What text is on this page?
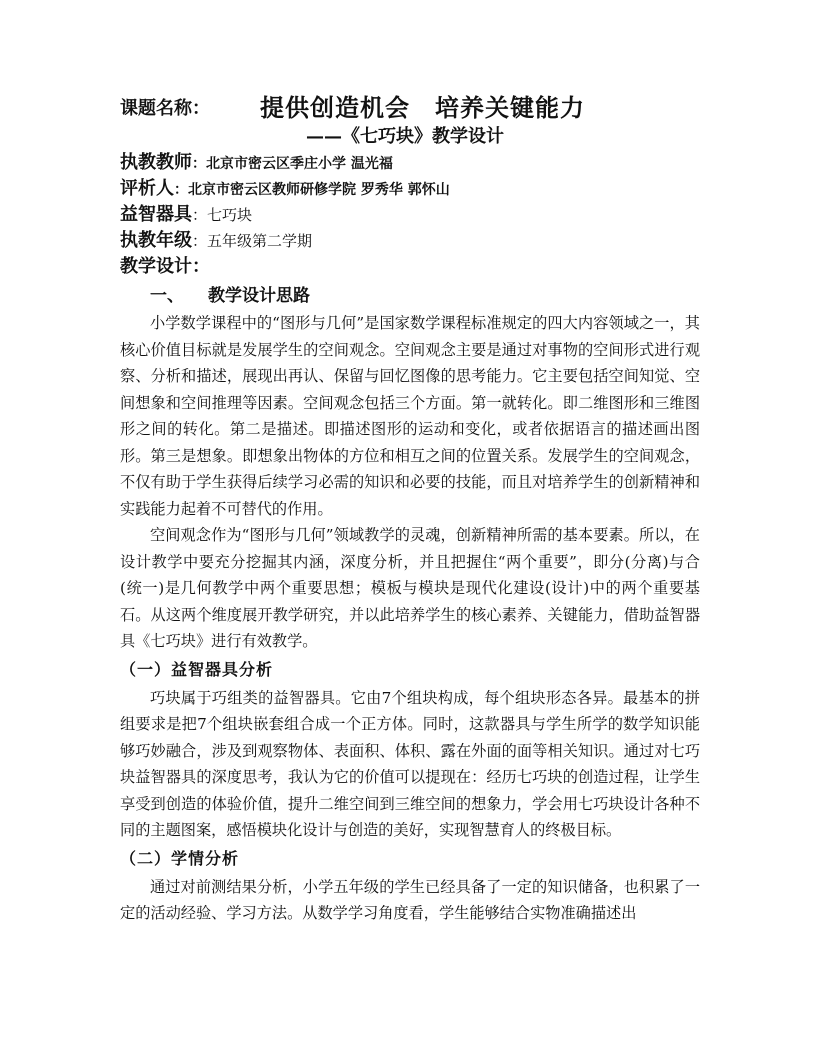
课题名称： 提供创造机会　培养关键能力
——《七巧块》教学设计
执教教师：北京市密云区季庄小学 温光福
评析人：北京市密云区教师研修学院 罗秀华 郭怀山
益智器具：七巧块
执教年级：五年级第二学期
教学设计：
一、 教学设计思路

小学数学课程中的“图形与几何”是国家数学课程标准规定的四大内容领域之一，其核心价值目标就是发展学生的空间观念。空间观念主要是通过对事物的空间形式进行观察、分析和描述，展现出再认、保留与回忆图像的思考能力。它主要包括空间知觉、空间想象和空间推理等因素。空间观念包括三个方面。第一就转化。即二维图形和三维图形之间的转化。第二是描述。即描述图形的运动和变化，或者依据语言的描述画出图形。第三是想象。即想象出物体的方位和相互之间的位置关系。发展学生的空间观念，不仅有助于学生获得后续学习必需的知识和必要的技能，而且对培养学生的创新精神和实践能力起着不可替代的作用。

空间观念作为“图形与几何”领域教学的灵魂，创新精神所需的基本要素。所以，在设计教学中要充分挖掘其内涵，深度分析，并且把握住“两个重要”，即分(分离)与合(统一)是几何教学中两个重要思想；模板与模块是现代化建设(设计)中的两个重要基石。从这两个维度展开教学研究，并以此培养学生的核心素养、关键能力，借助益智器具《七巧块》进行有效教学。

（一）益智器具分析

巧块属于巧组类的益智器具。它由7个组块构成，每个组块形态各异。最基本的拼组要求是把7个组块嵌套组合成一个正方体。同时，这款器具与学生所学的数学知识能够巧妙融合，涉及到观察物体、表面积、体积、露在外面的面等相关知识。通过对七巧块益智器具的深度思考，我认为它的价值可以提现在：经历七巧块的创造过程，让学生享受到创造的体验价值，提升二维空间到三维空间的想象力，学会用七巧块设计各种不同的主题图案，感悟模块化设计与创造的美好，实现智慧育人的终极目标。

（二）学情分析

通过对前测结果分析，小学五年级的学生已经具备了一定的知识储备，也积累了一定的活动经验、学习方法。从数学学习角度看，学生能够结合实物准确描述出
